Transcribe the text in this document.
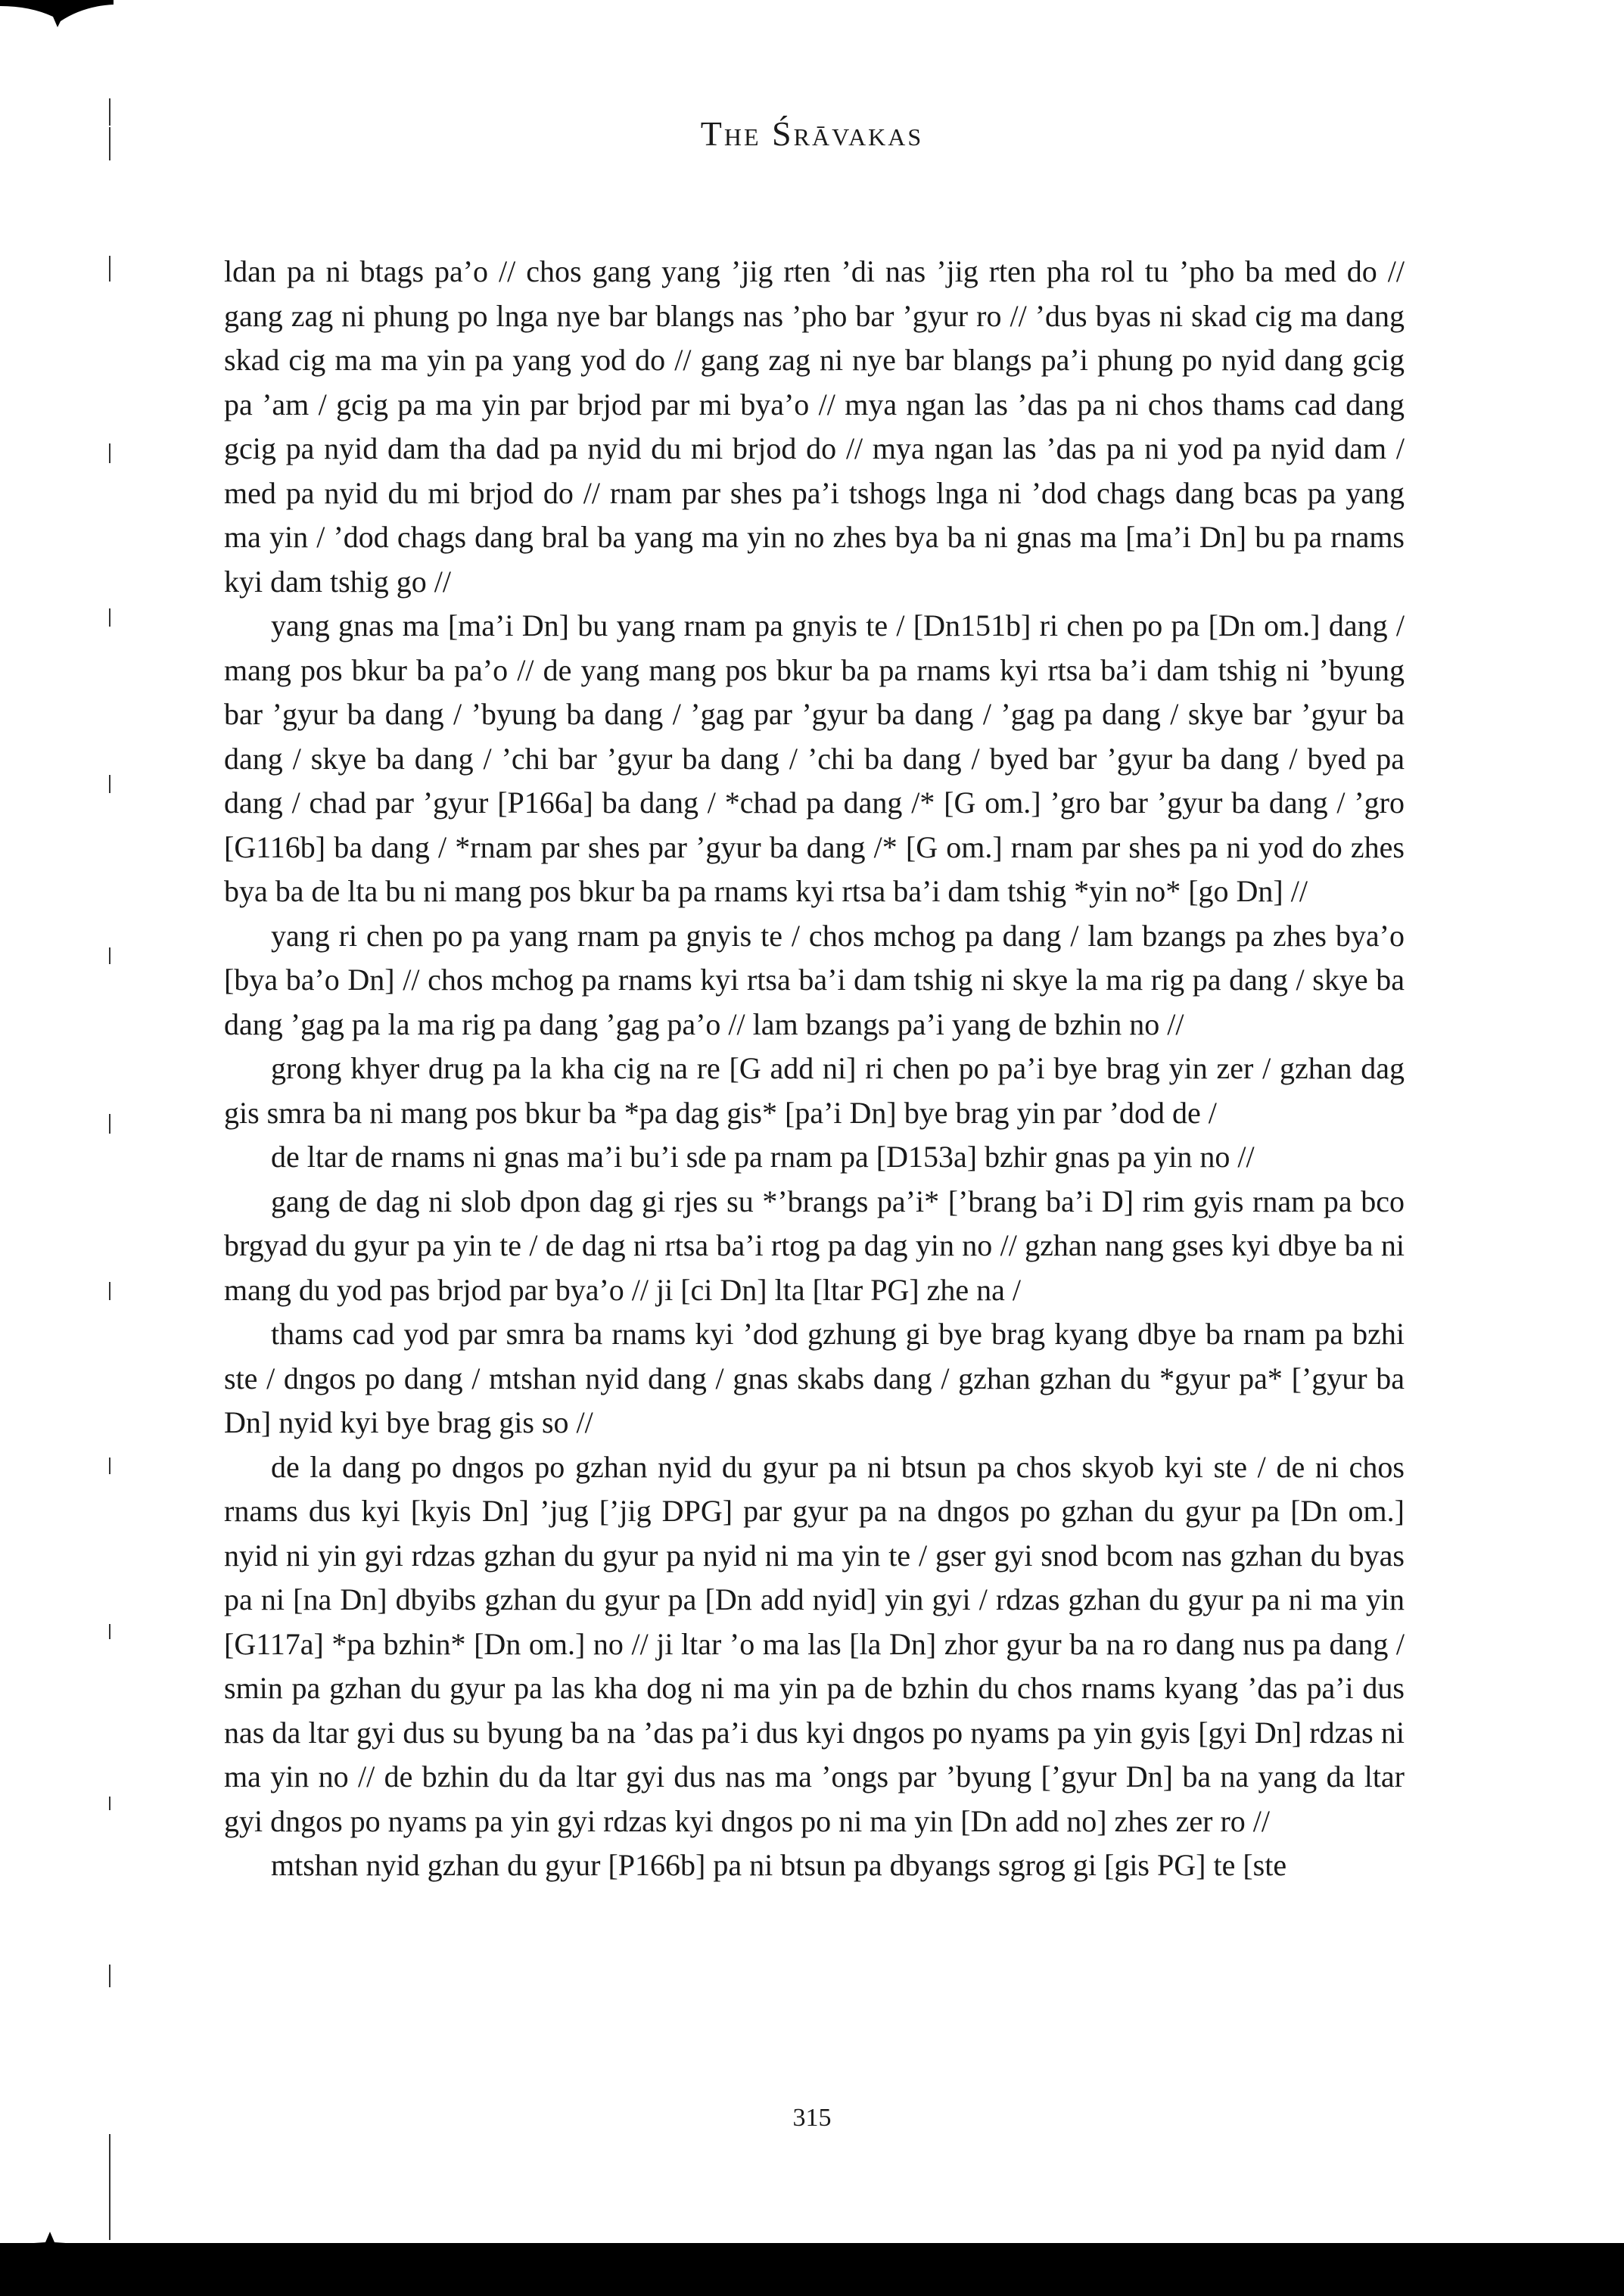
The Śrāvakas

ldan pa ni btags pa’o // chos gang yang ’jig rten ’di nas ’jig rten pha rol tu ’pho ba med do // gang zag ni phung po lnga nye bar blangs nas ’pho bar ’gyur ro // ’dus byas ni skad cig ma dang skad cig ma ma yin pa yang yod do // gang zag ni nye bar blangs pa’i phung po nyid dang gcig pa ’am / gcig pa ma yin par brjod par mi bya’o // mya ngan las ’das pa ni chos thams cad dang gcig pa nyid dam tha dad pa nyid du mi brjod do // mya ngan las ’das pa ni yod pa nyid dam / med pa nyid du mi brjod do // rnam par shes pa’i tshogs lnga ni ’dod chags dang bcas pa yang ma yin / ’dod chags dang bral ba yang ma yin no zhes bya ba ni gnas ma [ma’i Dn] bu pa rnams kyi dam tshig go //

yang gnas ma [ma’i Dn] bu yang rnam pa gnyis te / [Dn151b] ri chen po pa [Dn om.] dang / mang pos bkur ba pa’o // de yang mang pos bkur ba pa rnams kyi rtsa ba’i dam tshig ni ’byung bar ’gyur ba dang / ’byung ba dang / ’gag par ’gyur ba dang / ’gag pa dang / skye bar ’gyur ba dang / skye ba dang / ’chi bar ’gyur ba dang / ’chi ba dang / byed bar ’gyur ba dang / byed pa dang / chad par ’gyur [P166a] ba dang / *chad pa dang /* [G om.] ’gro bar ’gyur ba dang / ’gro [G116b] ba dang / *rnam par shes par ’gyur ba dang /* [G om.] rnam par shes pa ni yod do zhes bya ba de lta bu ni mang pos bkur ba pa rnams kyi rtsa ba’i dam tshig *yin no* [go Dn] //

yang ri chen po pa yang rnam pa gnyis te / chos mchog pa dang / lam bzangs pa zhes bya’o [bya ba’o Dn] // chos mchog pa rnams kyi rtsa ba’i dam tshig ni skye la ma rig pa dang / skye ba dang ’gag pa la ma rig pa dang ’gag pa’o // lam bzangs pa’i yang de bzhin no //

grong khyer drug pa la kha cig na re [G add ni] ri chen po pa’i bye brag yin zer / gzhan dag gis smra ba ni mang pos bkur ba *pa dag gis* [pa’i Dn] bye brag yin par ’dod de /

de ltar de rnams ni gnas ma’i bu’i sde pa rnam pa [D153a] bzhir gnas pa yin no //

gang de dag ni slob dpon dag gi rjes su *’brangs pa’i* [’brang ba’i D] rim gyis rnam pa bco brgyad du gyur pa yin te / de dag ni rtsa ba’i rtog pa dag yin no // gzhan nang gses kyi dbye ba ni mang du yod pas brjod par bya’o // ji [ci Dn] lta [ltar PG] zhe na /

thams cad yod par smra ba rnams kyi ’dod gzhung gi bye brag kyang dbye ba rnam pa bzhi ste / dngos po dang / mtshan nyid dang / gnas skabs dang / gzhan gzhan du *gyur pa* [’gyur ba Dn] nyid kyi bye brag gis so //

de la dang po dngos po gzhan nyid du gyur pa ni btsun pa chos skyob kyi ste / de ni chos rnams dus kyi [kyis Dn] ’jug [’jig DPG] par gyur pa na dngos po gzhan du gyur pa [Dn om.] nyid ni yin gyi rdzas gzhan du gyur pa nyid ni ma yin te / gser gyi snod bcom nas gzhan du byas pa ni [na Dn] dbyibs gzhan du gyur pa [Dn add nyid] yin gyi / rdzas gzhan du gyur pa ni ma yin [G117a] *pa bzhin* [Dn om.] no // ji ltar ’o ma las [la Dn] zhor gyur ba na ro dang nus pa dang / smin pa gzhan du gyur pa las kha dog ni ma yin pa de bzhin du chos rnams kyang ’das pa’i dus nas da ltar gyi dus su byung ba na ’das pa’i dus kyi dngos po nyams pa yin gyis [gyi Dn] rdzas ni ma yin no // de bzhin du da ltar gyi dus nas ma ’ongs par ’byung [’gyur Dn] ba na yang da ltar gyi dngos po nyams pa yin gyi rdzas kyi dngos po ni ma yin [Dn add no] zhes zer ro //

mtshan nyid gzhan du gyur [P166b] pa ni btsun pa dbyangs sgrog gi [gis PG] te [ste

315
